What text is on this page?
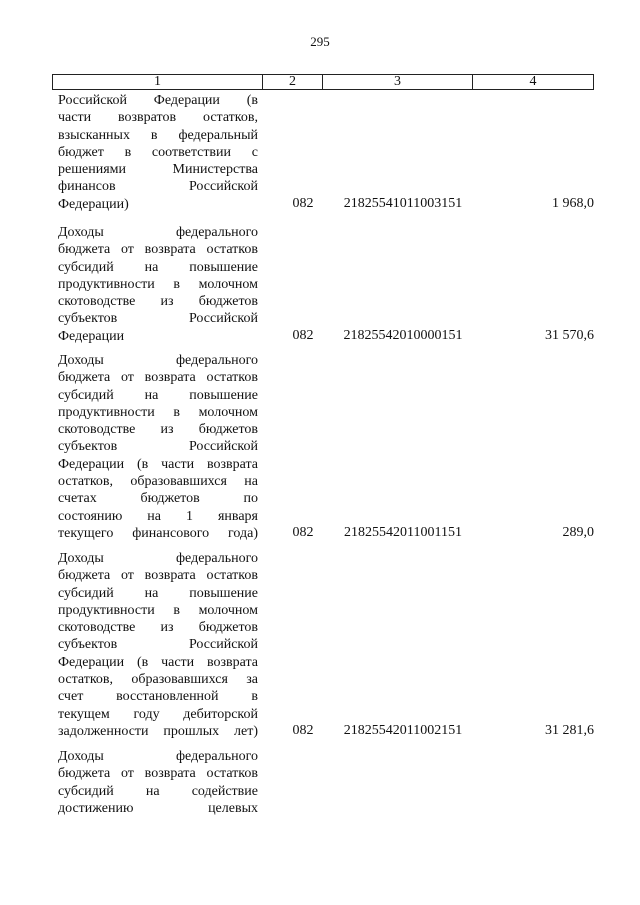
295
1	2	3	4
Российской Федерации (в
части возвратов остатков,
взысканных в федеральный
бюджет в соответствии с
решениями Министерства
финансов Российской
Федерации)	082	21825541011003151	1 968,0
Доходы федерального
бюджета от возврата остатков
субсидий на повышение
продуктивности в молочном
скотоводстве из бюджетов
субъектов Российской
Федерации	082	21825542010000151	31 570,6
Доходы федерального
бюджета от возврата остатков
субсидий на повышение
продуктивности в молочном
скотоводстве из бюджетов
субъектов Российской
Федерации (в части возврата
остатков, образовавшихся на
счетах бюджетов по
состоянию на 1 января
текущего финансового года)	082	21825542011001151	289,0
Доходы федерального
бюджета от возврата остатков
субсидий на повышение
продуктивности в молочном
скотоводстве из бюджетов
субъектов Российской
Федерации (в части возврата
остатков, образовавшихся за
счет восстановленной в
текущем году дебиторской
задолженности прошлых лет)	082	21825542011002151	31 281,6
Доходы федерального
бюджета от возврата остатков
субсидий на содействие
достижению целевых
